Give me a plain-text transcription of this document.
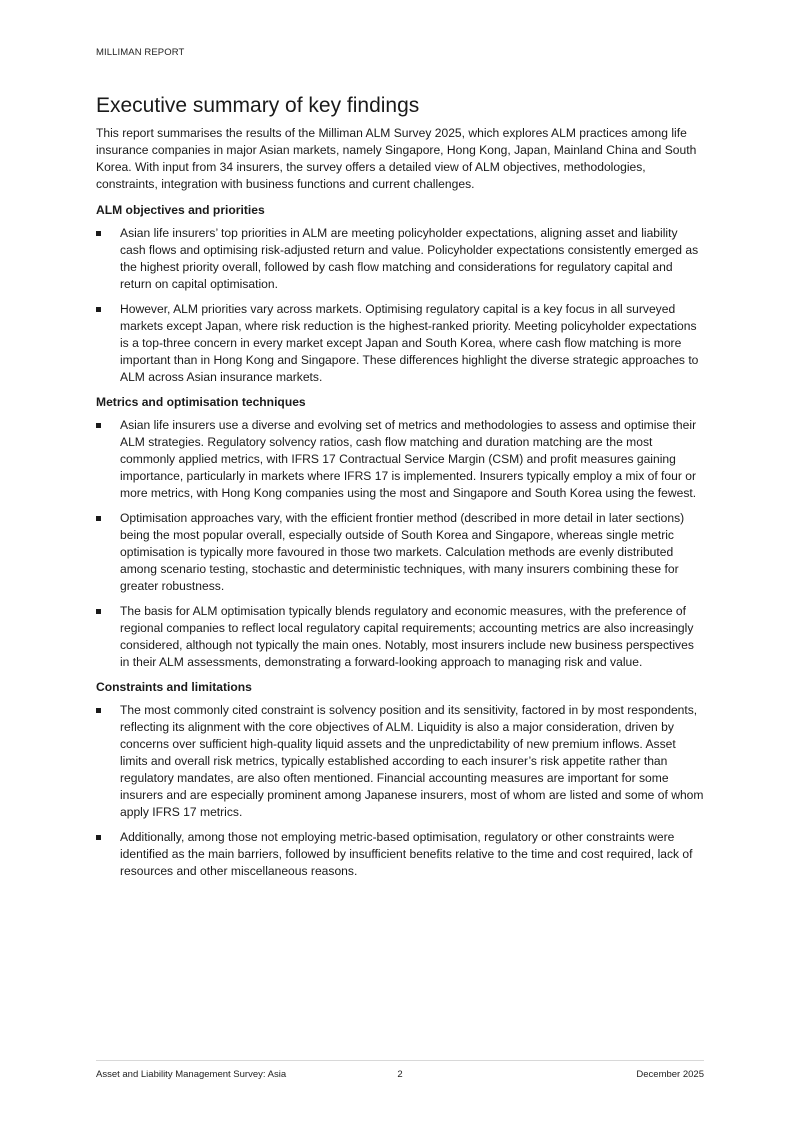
MILLIMAN REPORT
Executive summary of key findings

This report summarises the results of the Milliman ALM Survey 2025, which explores ALM practices among life insurance companies in major Asian markets, namely Singapore, Hong Kong, Japan, Mainland China and South Korea. With input from 34 insurers, the survey offers a detailed view of ALM objectives, methodologies, constraints, integration with business functions and current challenges.

ALM objectives and priorities
Asian life insurers’ top priorities in ALM are meeting policyholder expectations, aligning asset and liability cash flows and optimising risk-adjusted return and value. Policyholder expectations consistently emerged as the highest priority overall, followed by cash flow matching and considerations for regulatory capital and return on capital optimisation.
However, ALM priorities vary across markets. Optimising regulatory capital is a key focus in all surveyed markets except Japan, where risk reduction is the highest-ranked priority. Meeting policyholder expectations is a top-three concern in every market except Japan and South Korea, where cash flow matching is more important than in Hong Kong and Singapore. These differences highlight the diverse strategic approaches to ALM across Asian insurance markets.
Metrics and optimisation techniques
Asian life insurers use a diverse and evolving set of metrics and methodologies to assess and optimise their ALM strategies. Regulatory solvency ratios, cash flow matching and duration matching are the most commonly applied metrics, with IFRS 17 Contractual Service Margin (CSM) and profit measures gaining importance, particularly in markets where IFRS 17 is implemented. Insurers typically employ a mix of four or more metrics, with Hong Kong companies using the most and Singapore and South Korea using the fewest.
Optimisation approaches vary, with the efficient frontier method (described in more detail in later sections) being the most popular overall, especially outside of South Korea and Singapore, whereas single metric optimisation is typically more favoured in those two markets. Calculation methods are evenly distributed among scenario testing, stochastic and deterministic techniques, with many insurers combining these for greater robustness.
The basis for ALM optimisation typically blends regulatory and economic measures, with the preference of regional companies to reflect local regulatory capital requirements; accounting metrics are also increasingly considered, although not typically the main ones. Notably, most insurers include new business perspectives in their ALM assessments, demonstrating a forward-looking approach to managing risk and value.
Constraints and limitations
The most commonly cited constraint is solvency position and its sensitivity, factored in by most respondents, reflecting its alignment with the core objectives of ALM. Liquidity is also a major consideration, driven by concerns over sufficient high-quality liquid assets and the unpredictability of new premium inflows. Asset limits and overall risk metrics, typically established according to each insurer’s risk appetite rather than regulatory mandates, are also often mentioned. Financial accounting measures are important for some insurers and are especially prominent among Japanese insurers, most of whom are listed and some of whom apply IFRS 17 metrics.
Additionally, among those not employing metric-based optimisation, regulatory or other constraints were identified as the main barriers, followed by insufficient benefits relative to the time and cost required, lack of resources and other miscellaneous reasons.
Asset and Liability Management Survey: Asia	2	December 2025
